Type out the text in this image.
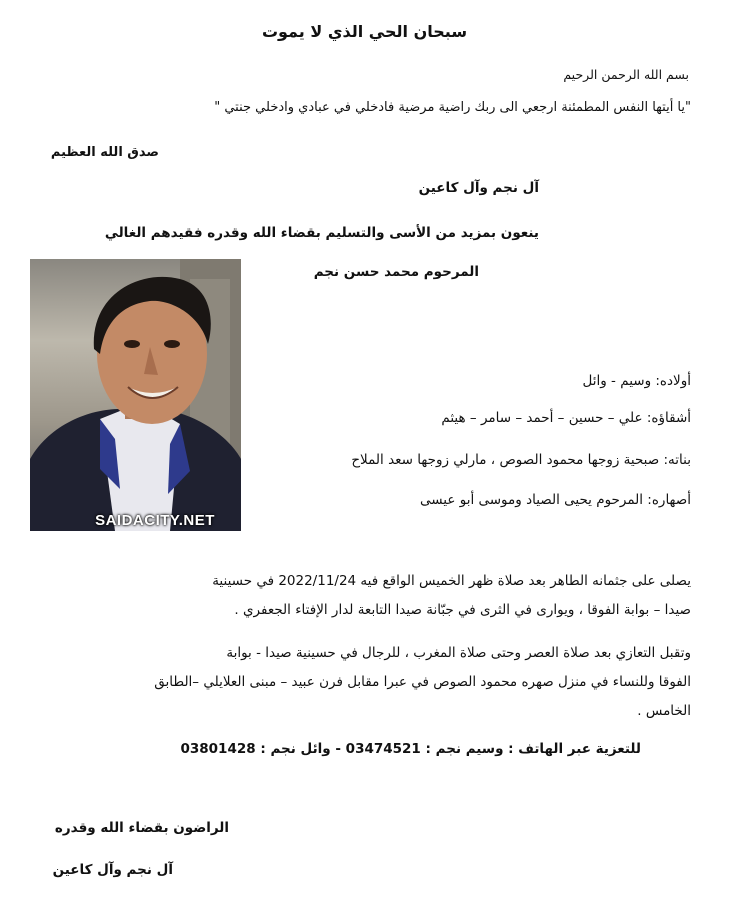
سبحان الحي الذي لا يموت
بسم الله الرحمن الرحيم
"يا أيتها النفس المطمئنة ارجعي الى ربك راضية مرضية فادخلي في عبادي وادخلي جنتي "
صدق الله العظيم
آل نجم وآل كاعين
ينعون بمزيد من الأسى والتسليم بقضاء الله وقدره فقيدهم الغالي
المرحوم محمد حسن نجم
SAIDACITY.NET
أولاده: وسيم - وائل
أشقاؤه: علي – حسين – أحمد – سامر – هيثم
بناته: صبحية زوجها محمود الصوص ، مارلي زوجها سعد الملاح
أصهاره: المرحوم يحيى الصياد وموسى أبو عيسى
يصلى على جثمانه الطاهر بعد صلاة ظهر الخميس الواقع فيه 2022/11/24 في حسينية
صيدا – بوابة الفوقا ، ويوارى في الثرى في جبّانة صيدا التابعة لدار الإفتاء الجعفري .
وتقبل التعازي بعد صلاة العصر وحتى صلاة المغرب ، للرجال في حسينية صيدا - بوابة
الفوقا وللنساء في منزل صهره محمود الصوص في عبرا مقابل فرن عبيد – مبنى العلايلي –الطابق
الخامس .
للتعزية عبر الهاتف : وسيم نجم : 03474521 - وائل نجم : 03801428
الراضون بقضاء الله وقدره
آل نجم وآل كاعين
